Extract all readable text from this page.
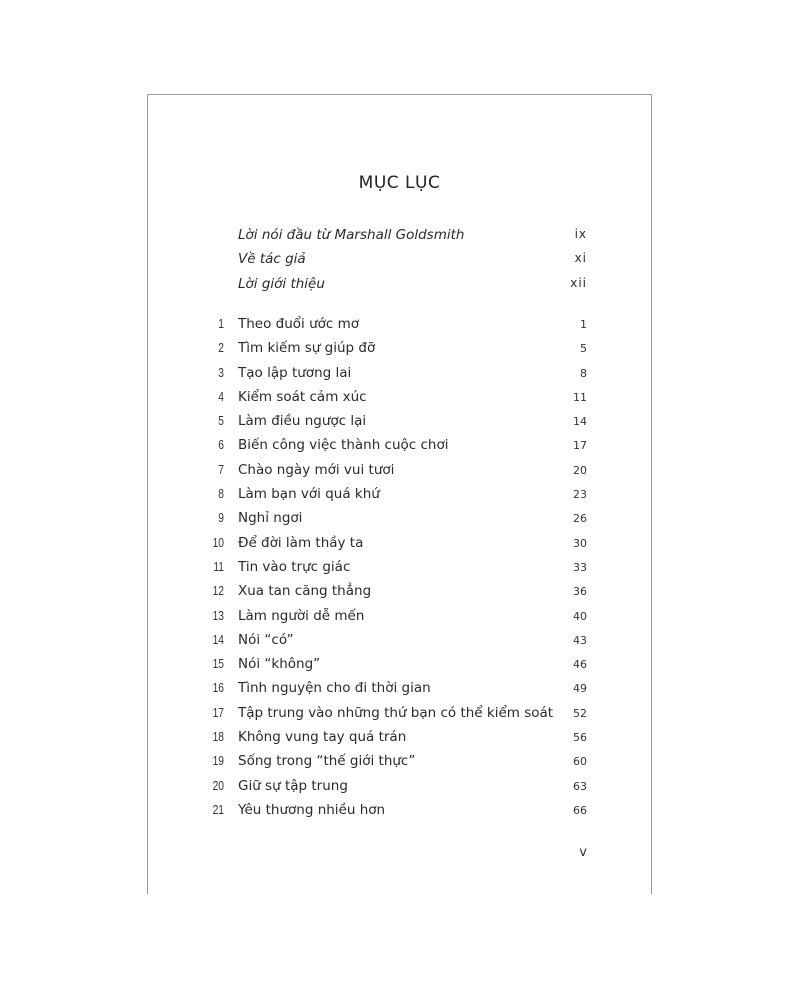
MỤC LỤC
Lời nói đầu từ Marshall Goldsmith	ix
Về tác giả	xi
Lời giới thiệu	xii
1 Theo đuổi ước mơ	1
2 Tìm kiếm sự giúp đỡ	5
3 Tạo lập tương lai	8
4 Kiểm soát cảm xúc	11
5 Làm điều ngược lại	14
6 Biến công việc thành cuộc chơi	17
7 Chào ngày mới vui tươi	20
8 Làm bạn với quá khứ	23
9 Nghỉ ngơi	26
10 Để đời làm thầy ta	30
11 Tin vào trực giác	33
12 Xua tan căng thẳng	36
13 Làm người dễ mến	40
14 Nói “có”	43
15 Nói “không”	46
16 Tình nguyện cho đi thời gian	49
17 Tập trung vào những thứ bạn có thể kiểm soát 52
18 Không vung tay quá trán	56
19 Sống trong “thế giới thực”	60
20 Giữ sự tập trung	63
21 Yêu thương nhiều hơn	66
v
